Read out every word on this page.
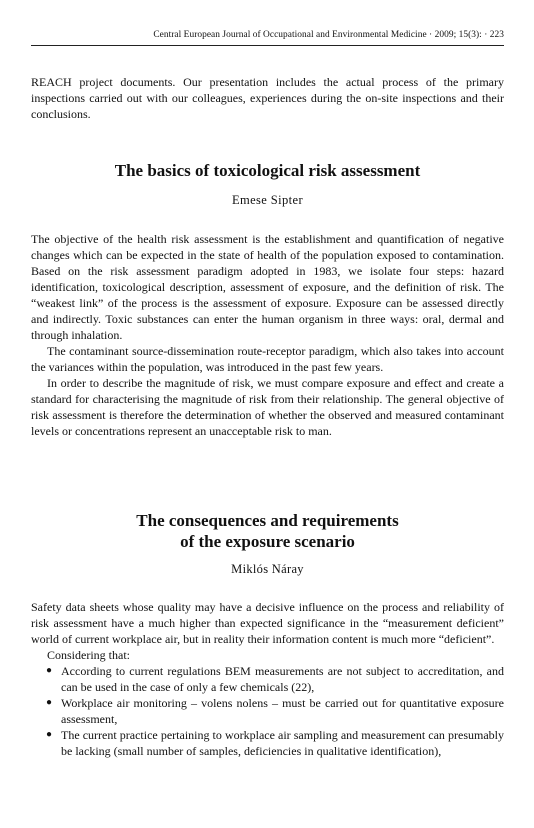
Central European Journal of Occupational and Environmental Medicine · 2009; 15(3): · 223

REACH project documents. Our presentation includes the actual process of the primary inspections carried out with our colleagues, experiences during the on-site inspections and their conclusions.

The basics of toxicological risk assessment
Emese Sipter

The objective of the health risk assessment is the establishment and quantification of negative changes which can be expected in the state of health of the population exposed to contamination. Based on the risk assessment paradigm adopted in 1983, we isolate four steps: hazard identification, toxicological description, assessment of exposure, and the definition of risk. The “weakest link” of the process is the assessment of exposure. Exposure can be assessed directly and indirectly. Toxic substances can enter the human organism in three ways: oral, dermal and through inhalation.

The contaminant source-dissemination route-receptor paradigm, which also takes into account the variances within the population, was introduced in the past few years.

In order to describe the magnitude of risk, we must compare exposure and effect and create a standard for characterising the magnitude of risk from their relationship. The general objective of risk assessment is therefore the determination of whether the observed and measured contaminant levels or concentrations represent an unacceptable risk to man.

The consequences and requirements
of the exposure scenario
Miklós Náray

Safety data sheets whose quality may have a decisive influence on the process and reliability of risk assessment have a much higher than expected significance in the “measurement deficient” world of current workplace air, but in reality their information content is much more “deficient”.

Considering that:

● According to current regulations BEM measurements are not subject to accreditation, and can be used in the case of only a few chemicals (22),
● Workplace air monitoring – volens nolens – must be carried out for quantitative exposure assessment,
● The current practice pertaining to workplace air sampling and measurement can presumably be lacking (small number of samples, deficiencies in qualitative identification),
